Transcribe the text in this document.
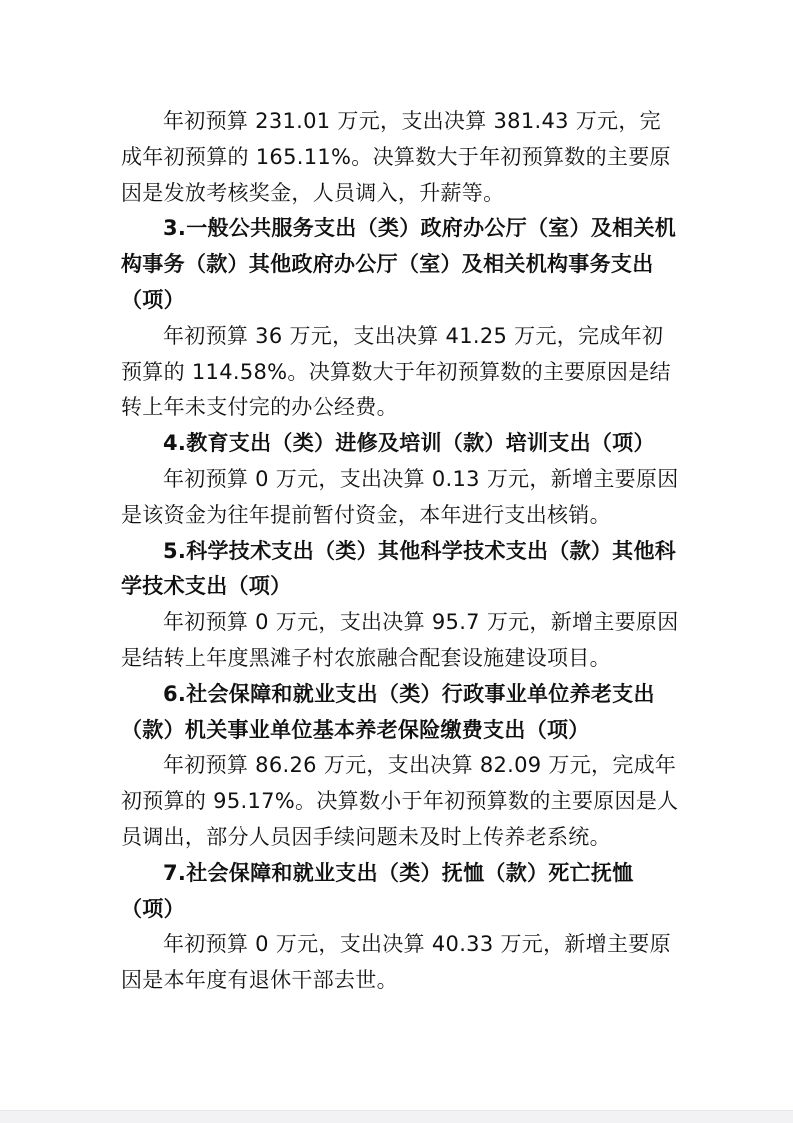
年初预算 231.01 万元，支出决算 381.43 万元，完成年初预算的 165.11%。决算数大于年初预算数的主要原因是发放考核奖金，人员调入，升薪等。

3.一般公共服务支出（类）政府办公厅（室）及相关机构事务（款）其他政府办公厅（室）及相关机构事务支出（项）

年初预算 36 万元，支出决算 41.25 万元，完成年初预算的 114.58%。决算数大于年初预算数的主要原因是结转上年未支付完的办公经费。

4.教育支出（类）进修及培训（款）培训支出（项）

年初预算 0 万元，支出决算 0.13 万元，新增主要原因是该资金为往年提前暂付资金，本年进行支出核销。

5.科学技术支出（类）其他科学技术支出（款）其他科学技术支出（项）

年初预算 0 万元，支出决算 95.7 万元，新增主要原因是结转上年度黑滩子村农旅融合配套设施建设项目。

6.社会保障和就业支出（类）行政事业单位养老支出（款）机关事业单位基本养老保险缴费支出（项）

年初预算 86.26 万元，支出决算 82.09 万元，完成年初预算的 95.17%。决算数小于年初预算数的主要原因是人员调出，部分人员因手续问题未及时上传养老系统。

7.社会保障和就业支出（类）抚恤（款）死亡抚恤（项）

年初预算 0 万元，支出决算 40.33 万元，新增主要原因是本年度有退休干部去世。
